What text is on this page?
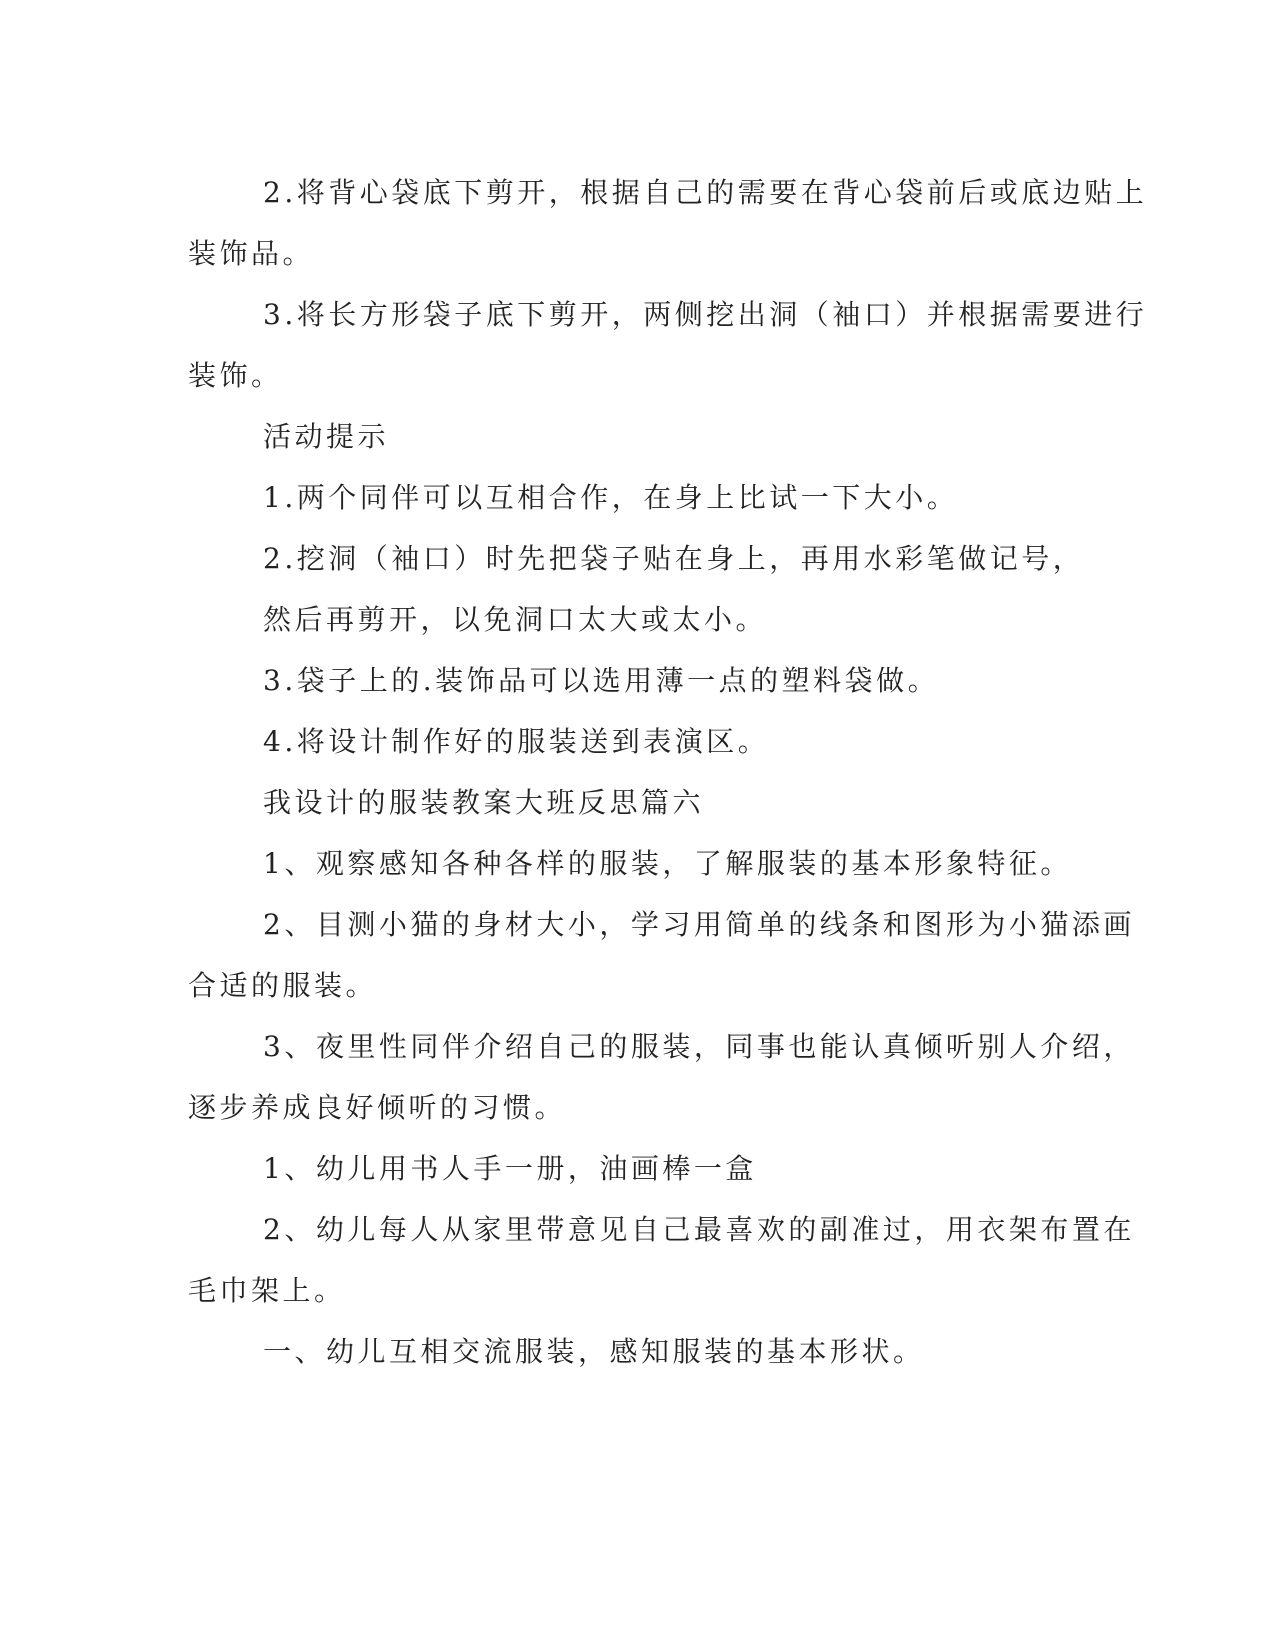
2.将背心袋底下剪开，根据自己的需要在背心袋前后或底边贴上

装饰品。

3.将长方形袋子底下剪开，两侧挖出洞（袖口）并根据需要进行

装饰。

活动提示

1.两个同伴可以互相合作，在身上比试一下大小。

2.挖洞（袖口）时先把袋子贴在身上，再用水彩笔做记号，

然后再剪开，以免洞口太大或太小。

3.袋子上的.装饰品可以选用薄一点的塑料袋做。

4.将设计制作好的服装送到表演区。

我设计的服装教案大班反思篇六

1、观察感知各种各样的服装，了解服装的基本形象特征。

2、目测小猫的身材大小，学习用简单的线条和图形为小猫添画

合适的服装。

3、夜里性同伴介绍自己的服装，同事也能认真倾听别人介绍，

逐步养成良好倾听的习惯。

1、幼儿用书人手一册，油画棒一盒

2、幼儿每人从家里带意见自己最喜欢的副准过，用衣架布置在

毛巾架上。

一、幼儿互相交流服装，感知服装的基本形状。
